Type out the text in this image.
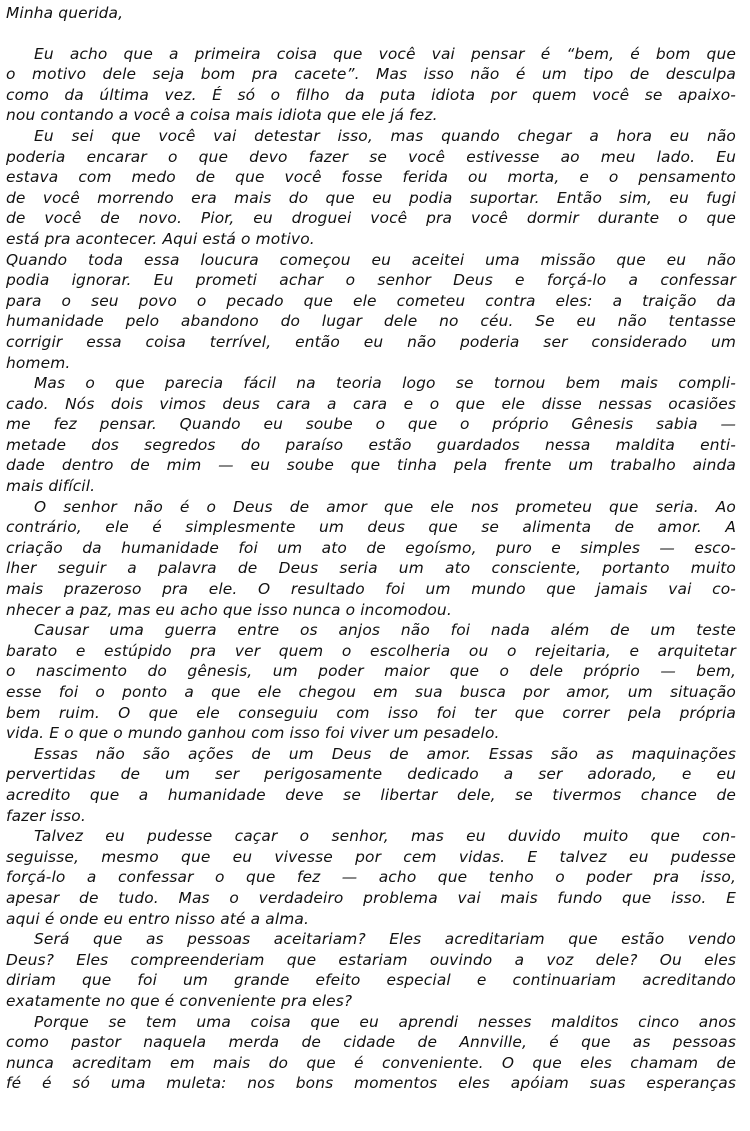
Minha querida,
Eu acho que a primeira coisa que você vai pensar é “bem, é bom que
o motivo dele seja bom pra cacete”. Mas isso não é um tipo de desculpa
como da última vez. É só o filho da puta idiota por quem você se apaixo-
nou contando a você a coisa mais idiota que ele já fez.
Eu sei que você vai detestar isso, mas quando chegar a hora eu não
poderia encarar o que devo fazer se você estivesse ao meu lado. Eu
estava com medo de que você fosse ferida ou morta, e o pensamento
de você morrendo era mais do que eu podia suportar. Então sim, eu fugi
de você de novo. Pior, eu droguei você pra você dormir durante o que
está pra acontecer. Aqui está o motivo.
Quando toda essa loucura começou eu aceitei uma missão que eu não
podia ignorar. Eu prometi achar o senhor Deus e forçá-lo a confessar
para o seu povo o pecado que ele cometeu contra eles: a traição da
humanidade pelo abandono do lugar dele no céu. Se eu não tentasse
corrigir essa coisa terrível, então eu não poderia ser considerado um
homem.
Mas o que parecia fácil na teoria logo se tornou bem mais compli-
cado. Nós dois vimos deus cara a cara e o que ele disse nessas ocasiões
me fez pensar. Quando eu soube o que o próprio Gênesis sabia —
metade dos segredos do paraíso estão guardados nessa maldita enti-
dade dentro de mim — eu soube que tinha pela frente um trabalho ainda
mais difícil.
O senhor não é o Deus de amor que ele nos prometeu que seria. Ao
contrário, ele é simplesmente um deus que se alimenta de amor. A
criação da humanidade foi um ato de egoísmo, puro e simples — esco-
lher seguir a palavra de Deus seria um ato consciente, portanto muito
mais prazeroso pra ele. O resultado foi um mundo que jamais vai co-
nhecer a paz, mas eu acho que isso nunca o incomodou.
Causar uma guerra entre os anjos não foi nada além de um teste
barato e estúpido pra ver quem o escolheria ou o rejeitaria, e arquitetar
o nascimento do gênesis, um poder maior que o dele próprio — bem,
esse foi o ponto a que ele chegou em sua busca por amor, um situação
bem ruim. O que ele conseguiu com isso foi ter que correr pela própria
vida. E o que o mundo ganhou com isso foi viver um pesadelo.
Essas não são ações de um Deus de amor. Essas são as maquinações
pervertidas de um ser perigosamente dedicado a ser adorado, e eu
acredito que a humanidade deve se libertar dele, se tivermos chance de
fazer isso.
Talvez eu pudesse caçar o senhor, mas eu duvido muito que con-
seguisse, mesmo que eu vivesse por cem vidas. E talvez eu pudesse
forçá-lo a confessar o que fez — acho que tenho o poder pra isso,
apesar de tudo. Mas o verdadeiro problema vai mais fundo que isso. E
aqui é onde eu entro nisso até a alma.
Será que as pessoas aceitariam? Eles acreditariam que estão vendo
Deus? Eles compreenderiam que estariam ouvindo a voz dele? Ou eles
diriam que foi um grande efeito especial e continuariam acreditando
exatamente no que é conveniente pra eles?
Porque se tem uma coisa que eu aprendi nesses malditos cinco anos
como pastor naquela merda de cidade de Annville, é que as pessoas
nunca acreditam em mais do que é conveniente. O que eles chamam de
fé é só uma muleta: nos bons momentos eles apóiam suas esperanças
